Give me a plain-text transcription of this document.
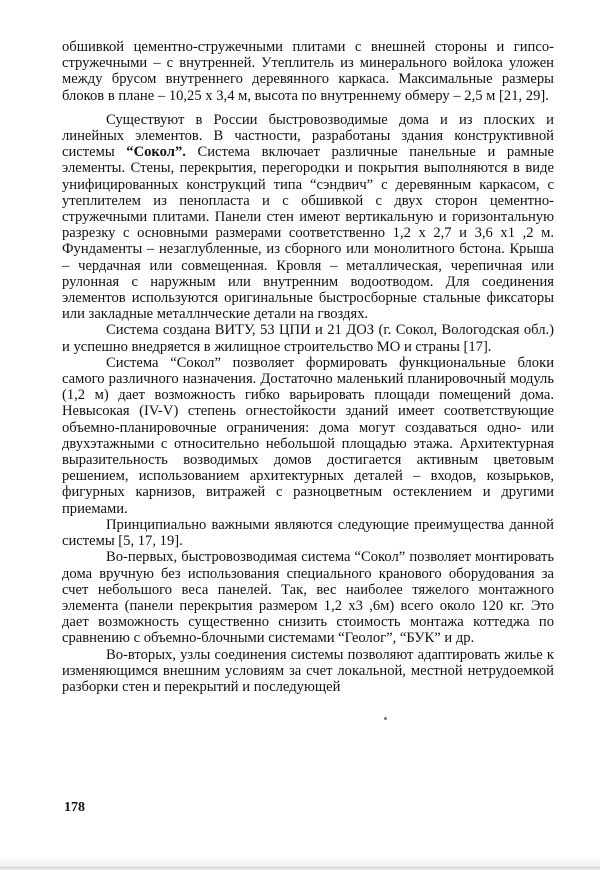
обшивкой цементно-стружечными плитами с внешней стороны и гипсо-стружечными – с внутренней. Утеплитель из минерального войлока уложен между брусом внутреннего деревянного каркаса. Максимальные размеры блоков в плане – 10,25 х 3,4 м, высота по внутреннему обмеру – 2,5 м [21, 29].

Существуют в России быстровозводимые дома и из плоских и линейных элементов. В частности, разработаны здания конструктивной системы “Сокол”. Система включает различные панельные и рамные элементы. Стены, перекрытия, перегородки и покрытия выполняются в виде унифицированных конструкций типа “сэндвич” с деревянным каркасом, с утеплителем из пенопласта и с обшивкой с двух сторон цементно-стружечными плитами. Панели стен имеют вертикальную и горизонтальную разрезку с основными размерами соответственно 1,2 х 2,7 и 3,6 х1 ,2 м. Фундаменты – незаглубленные, из сборного или монолитного бстона. Крыша – чердачная или совмещенная. Кровля – металлическая, черепичная или рулонная с наружным или внутренним водоотводом. Для соединения элементов используются оригинальные быстросборные стальные фиксаторы или закладные металлнческие детали на гвоздях.

Система создана ВИТУ, 53 ЦПИ и 21 ДОЗ (г. Сокол, Вологодская обл.) и успешно внедряется в жилищное строительство МО и страны [17].

Система “Сокол” позволяет формировать функциональные блоки самого различного назначения. Достаточно маленький планировочный модуль (1,2 м) дает возможность гибко варьировать площади помещений дома. Невысокая (IV-V) степень огнестойкости зданий имеет соответствующие объемно-планировочные ограничения: дома могут создаваться одно- или двухэтажными с относительно небольшой площадью этажа. Архитектурная выразительность возводимых домов достигается активным цветовым решением, использованием архитектурных деталей – входов, козырьков, фигурных карнизов, витражей с разноцветным остеклением и другими приемами.

Принципиально важными являются следующие преимущества данной системы [5, 17, 19].

Во-первых, быстровозводимая система “Сокол” позволяет монтировать дома вручную без использования специального кранового оборудования за счет небольшого веса панелей. Так, вес наиболее тяжелого монтажного элемента (панели перекрытия размером 1,2 х3 ,6м) всего около 120 кг. Это дает возможность существенно снизить стоимость монтажа коттеджа по сравнению с объемно-блочными системами “Геолог”, “БУК” и др.

Во-вторых, узлы соединения системы позволяют адаптировать жилье к изменяющимся внешним условиям за счет локальной, местной нетрудоемкой разборки стен и перекрытий и последующей

178
